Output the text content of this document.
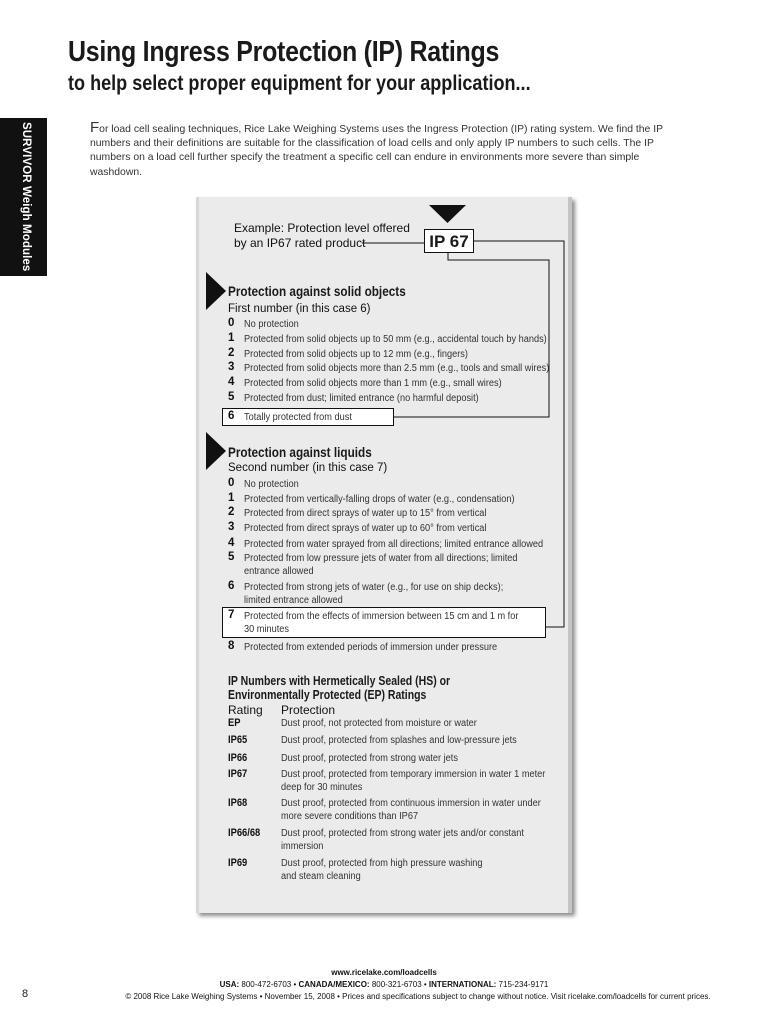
SURVIVOR Weigh Modules
Using Ingress Protection (IP) Ratings
to help select proper equipment for your application...
For load cell sealing techniques, Rice Lake Weighing Systems uses the Ingress Protection (IP) rating system. We find the IP numbers and their definitions are suitable for the classification of load cells and only apply IP numbers to such cells. The IP numbers on a load cell further specify the treatment a specific cell can endure in environments more severe than simple washdown.
Example: Protection level offered by an IP67 rated product	IP 67
Protection against solid objects
First number (in this case 6)
0 No protection
1 Protected from solid objects up to 50 mm (e.g., accidental touch by hands)
2 Protected from solid objects up to 12 mm (e.g., fingers)
3 Protected from solid objects more than 2.5 mm (e.g., tools and small wires)
4 Protected from solid objects more than 1 mm (e.g., small wires)
5 Protected from dust; limited entrance (no harmful deposit)
6 Totally protected from dust
Protection against liquids
Second number (in this case 7)
0 No protection
1 Protected from vertically-falling drops of water (e.g., condensation)
2 Protected from direct sprays of water up to 15° from vertical
3 Protected from direct sprays of water up to 60° from vertical
4 Protected from water sprayed from all directions; limited entrance allowed
5 Protected from low pressure jets of water from all directions; limited entrance allowed
6 Protected from strong jets of water (e.g., for use on ship decks); limited entrance allowed
7 Protected from the effects of immersion between 15 cm and 1 m for 30 minutes
8 Protected from extended periods of immersion under pressure
IP Numbers with Hermetically Sealed (HS) or Environmentally Protected (EP) Ratings
Rating Protection
EP	Dust proof, not protected from moisture or water
IP65	Dust proof, protected from splashes and low-pressure jets
IP66	Dust proof, protected from strong water jets
IP67	Dust proof, protected from temporary immersion in water 1 meter deep for 30 minutes
IP68	Dust proof, protected from continuous immersion in water under more severe conditions than IP67
IP66/68 Dust proof, protected from strong water jets and/or constant immersion
IP69	Dust proof, protected from high pressure washing and steam cleaning
www.ricelake.com/loadcells
USA: 800-472-6703 • CANADA/MEXICO: 800-321-6703 • INTERNATIONAL: 715-234-9171
© 2008 Rice Lake Weighing Systems • November 15, 2008 • Prices and specifications subject to change without notice. Visit ricelake.com/loadcells for current prices.
8
